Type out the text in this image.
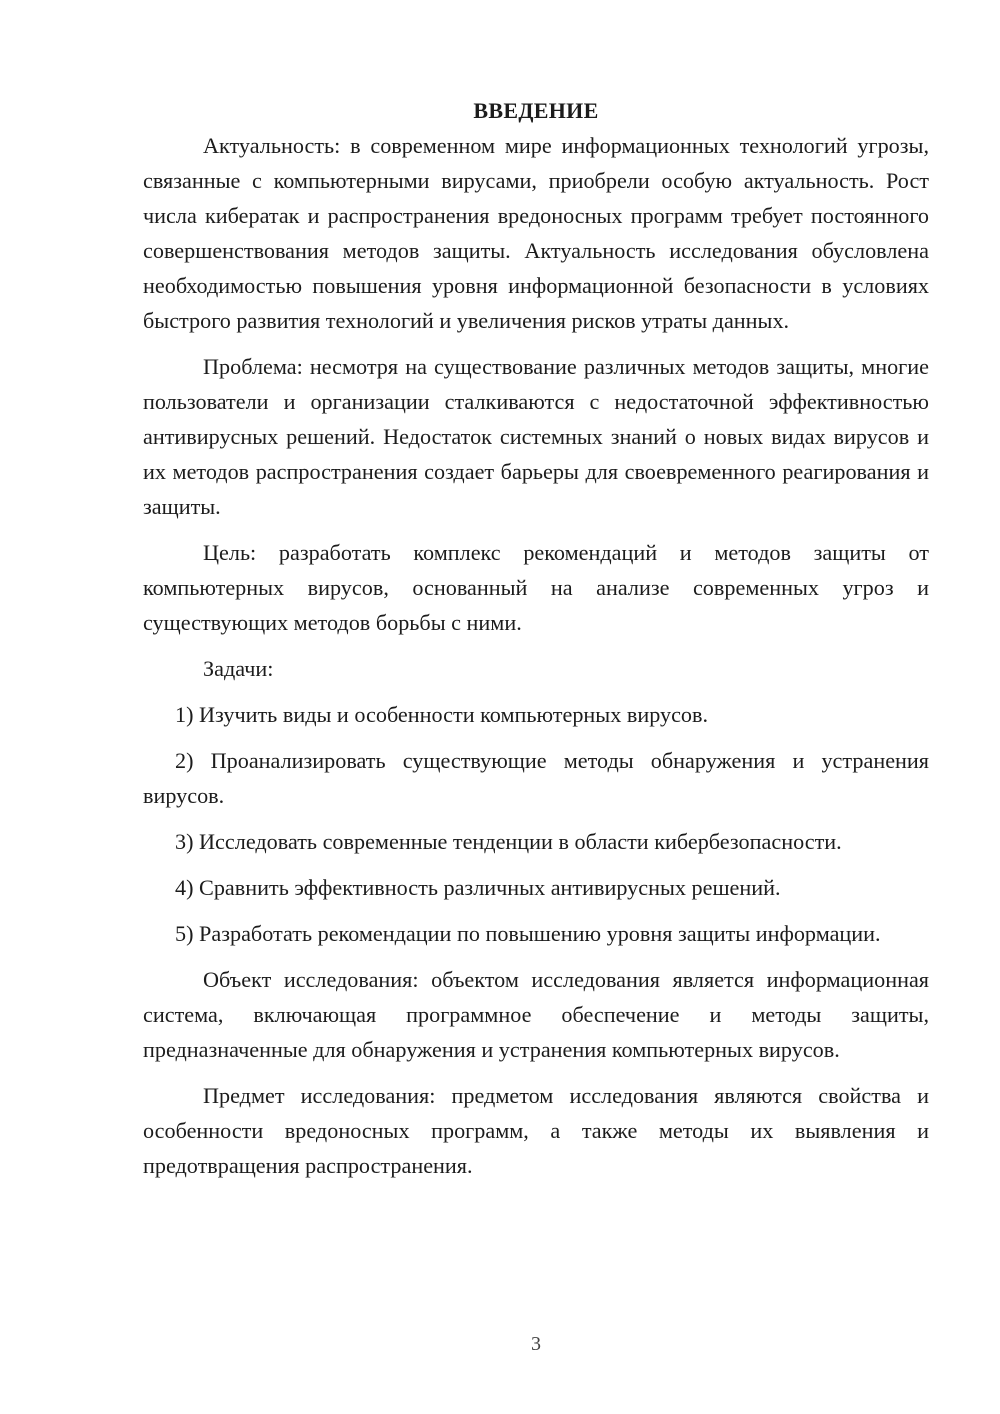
ВВЕДЕНИЕ

Актуальность: в современном мире информационных технологий угрозы, связанные с компьютерными вирусами, приобрели особую актуальность. Рост числа кибератак и распространения вредоносных программ требует постоянного совершенствования методов защиты. Актуальность исследования обусловлена необходимостью повышения уровня информационной безопасности в условиях быстрого развития технологий и увеличения рисков утраты данных.

Проблема: несмотря на существование различных методов защиты, многие пользователи и организации сталкиваются с недостаточной эффективностью антивирусных решений. Недостаток системных знаний о новых видах вирусов и их методов распространения создает барьеры для своевременного реагирования и защиты.

Цель: разработать комплекс рекомендаций и методов защиты от компьютерных вирусов, основанный на анализе современных угроз и существующих методов борьбы с ними.

Задачи:

1) Изучить виды и особенности компьютерных вирусов.

2) Проанализировать существующие методы обнаружения и устранения вирусов.

3) Исследовать современные тенденции в области кибербезопасности.

4) Сравнить эффективность различных антивирусных решений.

5) Разработать рекомендации по повышению уровня защиты информации.

Объект исследования: объектом исследования является информационная система, включающая программное обеспечение и методы защиты, предназначенные для обнаружения и устранения компьютерных вирусов.

Предмет исследования: предметом исследования являются свойства и особенности вредоносных программ, а также методы их выявления и предотвращения распространения.

3
